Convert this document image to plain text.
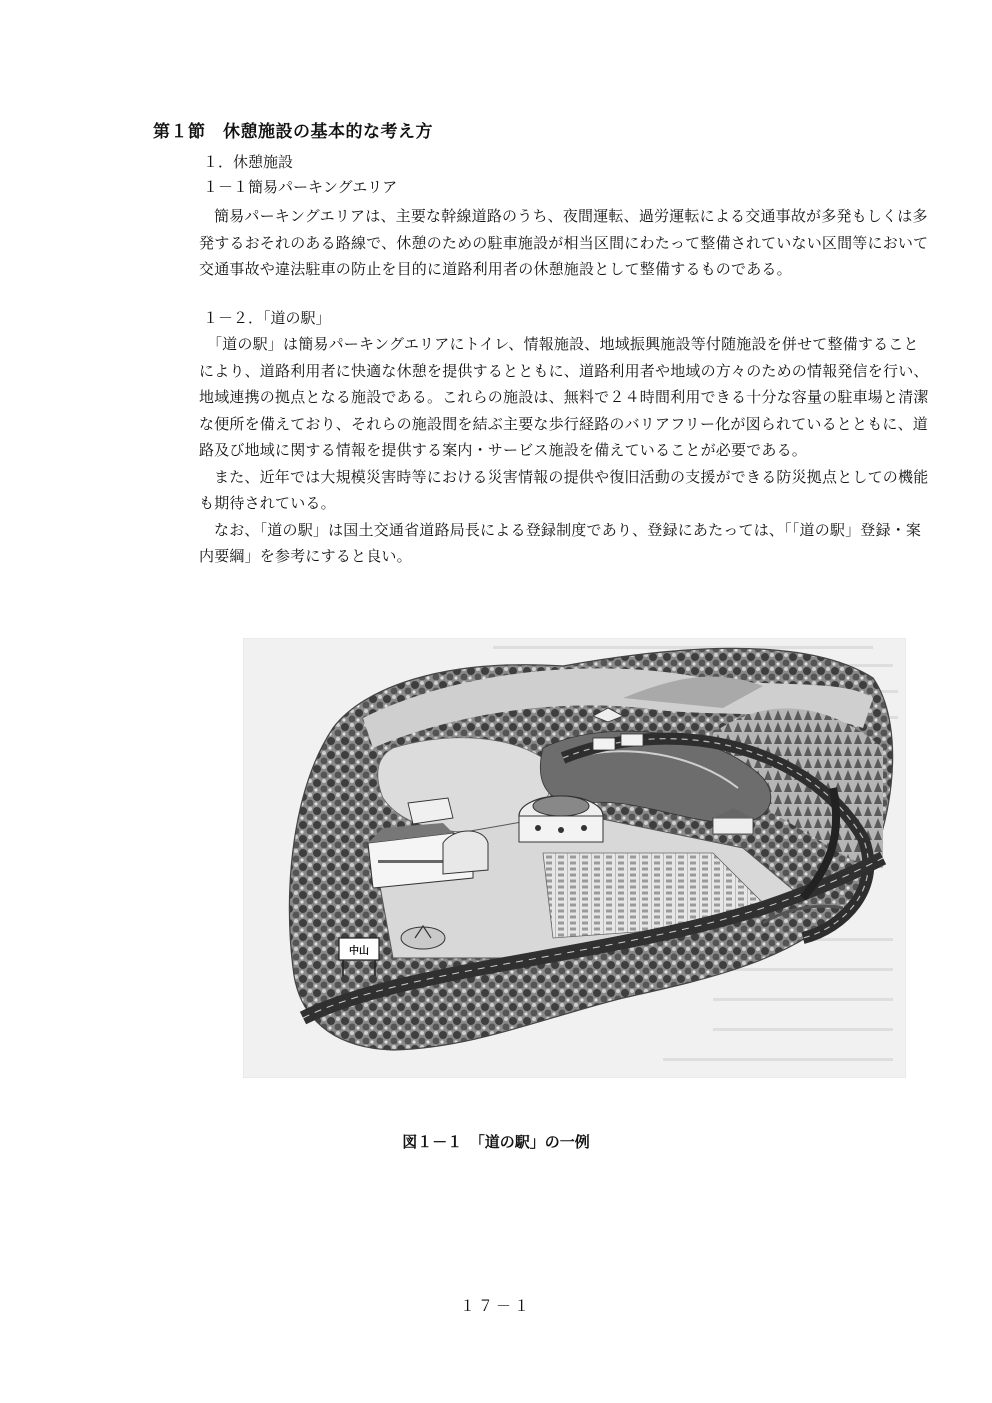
第１節　休憩施設の基本的な考え方
１．休憩施設
１－１簡易パーキングエリア
簡易パーキングエリアは、主要な幹線道路のうち、夜間運転、過労運転による交通事故が多発もしくは多
発するおそれのある路線で、休憩のための駐車施設が相当区間にわたって整備されていない区間等において
交通事故や違法駐車の防止を目的に道路利用者の休憩施設として整備するものである。
１－２．「道の駅」
「道の駅」は簡易パーキングエリアにトイレ、情報施設、地域振興施設等付随施設を併せて整備すること
により、道路利用者に快適な休憩を提供するとともに、道路利用者や地域の方々のための情報発信を行い、
地域連携の拠点となる施設である。これらの施設は、無料で２４時間利用できる十分な容量の駐車場と清潔
な便所を備えており、それらの施設間を結ぶ主要な歩行経路のバリアフリー化が図られているとともに、道
路及び地域に関する情報を提供する案内・サービス施設を備えていることが必要である。
また、近年では大規模災害時等における災害情報の提供や復旧活動の支援ができる防災拠点としての機能
も期待されている。
なお、「道の駅」は国土交通省道路局長による登録制度であり、登録にあたっては、「「道の駅」登録・案
内要綱」を参考にすると良い。
中山
図１－１　「道の駅」の一例
１７－１
